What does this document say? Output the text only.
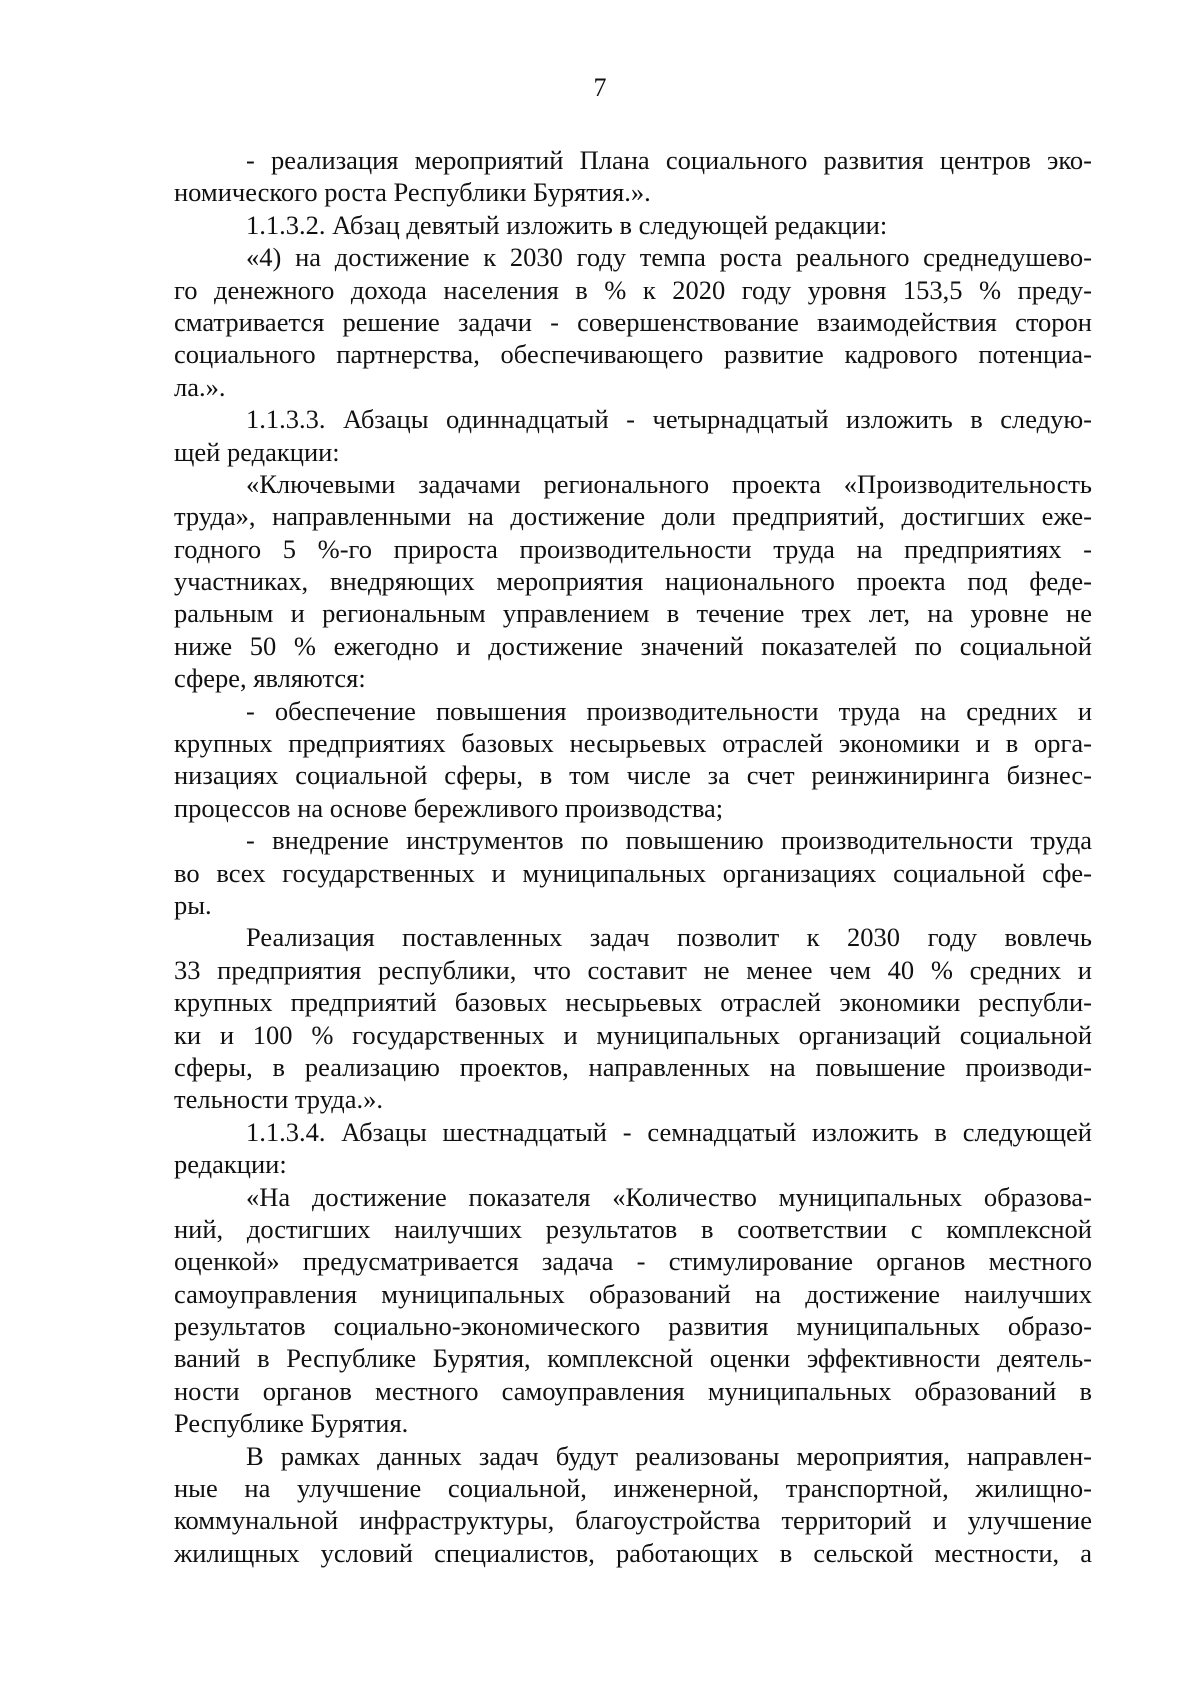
7
- реализация мероприятий Плана социального развития центров эко-
номического роста Республики Бурятия.».
1.1.3.2. Абзац девятый изложить в следующей редакции:
«4) на достижение к 2030 году темпа роста реального среднедушево-
го денежного дохода населения в % к 2020 году уровня 153,5 % преду-
сматривается решение задачи - совершенствование взаимодействия сторон
социального партнерства, обеспечивающего развитие кадрового потенциа-
ла.».
1.1.3.3. Абзацы одиннадцатый - четырнадцатый изложить в следую-
щей редакции:
«Ключевыми задачами регионального проекта «Производительность
труда», направленными на достижение доли предприятий, достигших еже-
годного 5 %-го прироста производительности труда на предприятиях -
участниках, внедряющих мероприятия национального проекта под феде-
ральным и региональным управлением в течение трех лет, на уровне не
ниже 50 % ежегодно и достижение значений показателей по социальной
сфере, являются:
- обеспечение повышения производительности труда на средних и
крупных предприятиях базовых несырьевых отраслей экономики и в орга-
низациях социальной сферы, в том числе за счет реинжиниринга бизнес-
процессов на основе бережливого производства;
- внедрение инструментов по повышению производительности труда
во всех государственных и муниципальных организациях социальной сфе-
ры.
Реализация поставленных задач позволит к 2030 году вовлечь
33 предприятия республики, что составит не менее чем 40 % средних и
крупных предприятий базовых несырьевых отраслей экономики республи-
ки и 100 % государственных и муниципальных организаций социальной
сферы, в реализацию проектов, направленных на повышение производи-
тельности труда.».
1.1.3.4. Абзацы шестнадцатый - семнадцатый изложить в следующей
редакции:
«На достижение показателя «Количество муниципальных образова-
ний, достигших наилучших результатов в соответствии с комплексной
оценкой» предусматривается задача - стимулирование органов местного
самоуправления муниципальных образований на достижение наилучших
результатов социально-экономического развития муниципальных образо-
ваний в Республике Бурятия, комплексной оценки эффективности деятель-
ности органов местного самоуправления муниципальных образований в
Республике Бурятия.
В рамках данных задач будут реализованы мероприятия, направлен-
ные на улучшение социальной, инженерной, транспортной, жилищно-
коммунальной инфраструктуры, благоустройства территорий и улучшение
жилищных условий специалистов, работающих в сельской местности, а
